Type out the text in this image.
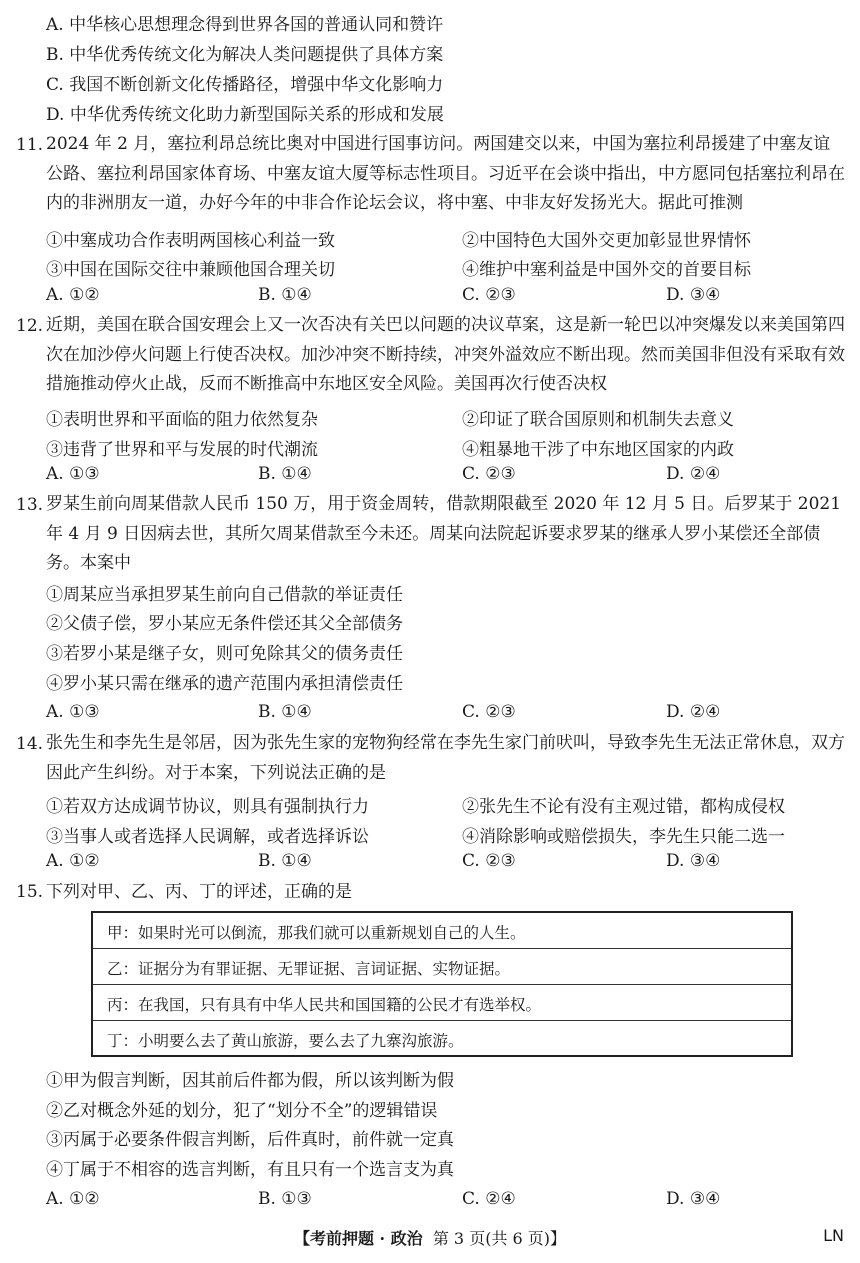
A. 中华核心思想理念得到世界各国的普通认同和赞许
B. 中华优秀传统文化为解决人类问题提供了具体方案
C. 我国不断创新文化传播路径，增强中华文化影响力
D. 中华优秀传统文化助力新型国际关系的形成和发展
11. 2024 年 2 月，塞拉利昂总统比奥对中国进行国事访问。两国建交以来，中国为塞拉利昂援建了中塞友谊公路、塞拉利昂国家体育场、中塞友谊大厦等标志性项目。习近平在会谈中指出，中方愿同包括塞拉利昂在内的非洲朋友一道，办好今年的中非合作论坛会议，将中塞、中非友好发扬光大。据此可推测
①中塞成功合作表明两国核心利益一致	②中国特色大国外交更加彰显世界情怀
③中国在国际交往中兼顾他国合理关切	④维护中塞利益是中国外交的首要目标
A. ①②	B. ①④	C. ②③	D. ③④
12. 近期，美国在联合国安理会上又一次否决有关巴以问题的决议草案，这是新一轮巴以冲突爆发以来美国第四次在加沙停火问题上行使否决权。加沙冲突不断持续，冲突外溢效应不断出现。然而美国非但没有采取有效措施推动停火止战，反而不断推高中东地区安全风险。美国再次行使否决权
①表明世界和平面临的阻力依然复杂	②印证了联合国原则和机制失去意义
③违背了世界和平与发展的时代潮流	④粗暴地干涉了中东地区国家的内政
A. ①③	B. ①④	C. ②③	D. ②④
13. 罗某生前向周某借款人民币 150 万，用于资金周转，借款期限截至 2020 年 12 月 5 日。后罗某于 2021 年 4 月 9 日因病去世，其所欠周某借款至今未还。周某向法院起诉要求罗某的继承人罗小某偿还全部债务。本案中
①周某应当承担罗某生前向自己借款的举证责任
②父债子偿，罗小某应无条件偿还其父全部债务
③若罗小某是继子女，则可免除其父的债务责任
④罗小某只需在继承的遗产范围内承担清偿责任
A. ①③	B. ①④	C. ②③	D. ②④
14. 张先生和李先生是邻居，因为张先生家的宠物狗经常在李先生家门前吠叫，导致李先生无法正常休息，双方因此产生纠纷。对于本案，下列说法正确的是
①若双方达成调节协议，则具有强制执行力	②张先生不论有没有主观过错，都构成侵权
③当事人或者选择人民调解，或者选择诉讼	④消除影响或赔偿损失，李先生只能二选一
A. ①②	B. ①④	C. ②③	D. ③④
15. 下列对甲、乙、丙、丁的评述，正确的是
甲：如果时光可以倒流，那我们就可以重新规划自己的人生。
乙：证据分为有罪证据、无罪证据、言词证据、实物证据。
丙：在我国，只有具有中华人民共和国国籍的公民才有选举权。
丁：小明要么去了黄山旅游，要么去了九寨沟旅游。
①甲为假言判断，因其前后件都为假，所以该判断为假
②乙对概念外延的划分，犯了“划分不全”的逻辑错误
③丙属于必要条件假言判断，后件真时，前件就一定真
④丁属于不相容的选言判断，有且只有一个选言支为真
A. ①②	B. ①③	C. ②④	D. ③④
【考前押题 · 政治 第 3 页(共 6 页)】	LN
